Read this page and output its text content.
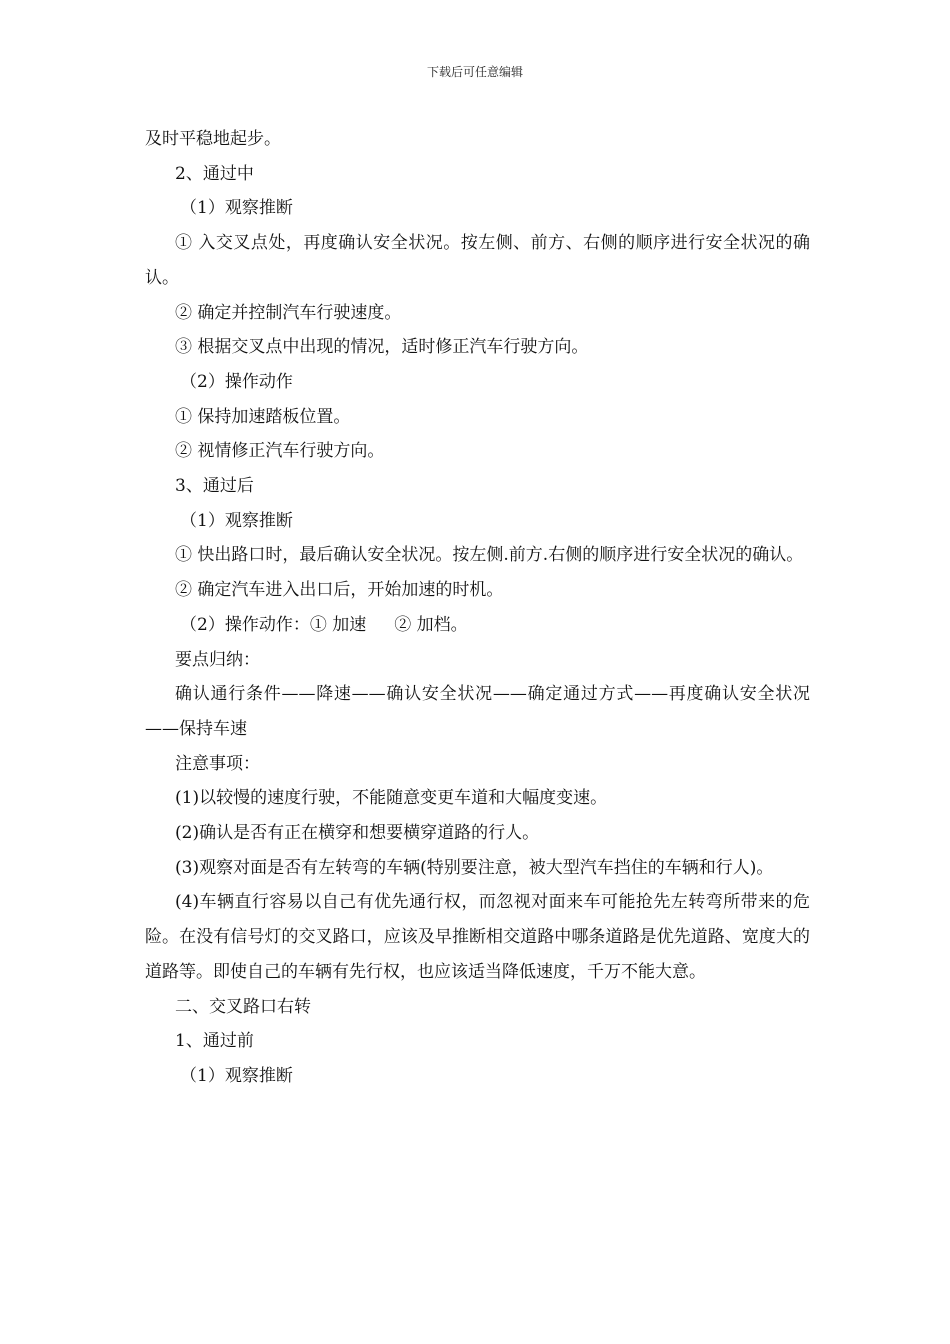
下载后可任意编辑

及时平稳地起步。

2、通过中

（1）观察推断

① 入交叉点处，再度确认安全状况。按左侧、前方、右侧的顺序进行安全状况的确认。

② 确定并控制汽车行驶速度。

③ 根据交叉点中出现的情况，适时修正汽车行驶方向。

（2）操作动作

① 保持加速踏板位置。

② 视情修正汽车行驶方向。

3、通过后

（1）观察推断

① 快出路口时，最后确认安全状况。按左侧.前方.右侧的顺序进行安全状况的确认。

② 确定汽车进入出口后，开始加速的时机。

（2）操作动作：① 加速 ② 加档。

要点归纳：

确认通行条件——降速——确认安全状况——确定通过方式——再度确认安全状况——保持车速

注意事项：

(1)以较慢的速度行驶，不能随意变更车道和大幅度变速。

(2)确认是否有正在横穿和想要横穿道路的行人。

(3)观察对面是否有左转弯的车辆(特别要注意，被大型汽车挡住的车辆和行人)。

(4)车辆直行容易以自己有优先通行权，而忽视对面来车可能抢先左转弯所带来的危险。在没有信号灯的交叉路口，应该及早推断相交道路中哪条道路是优先道路、宽度大的道路等。即使自己的车辆有先行权，也应该适当降低速度，千万不能大意。

二、交叉路口右转

1、通过前

（1）观察推断
